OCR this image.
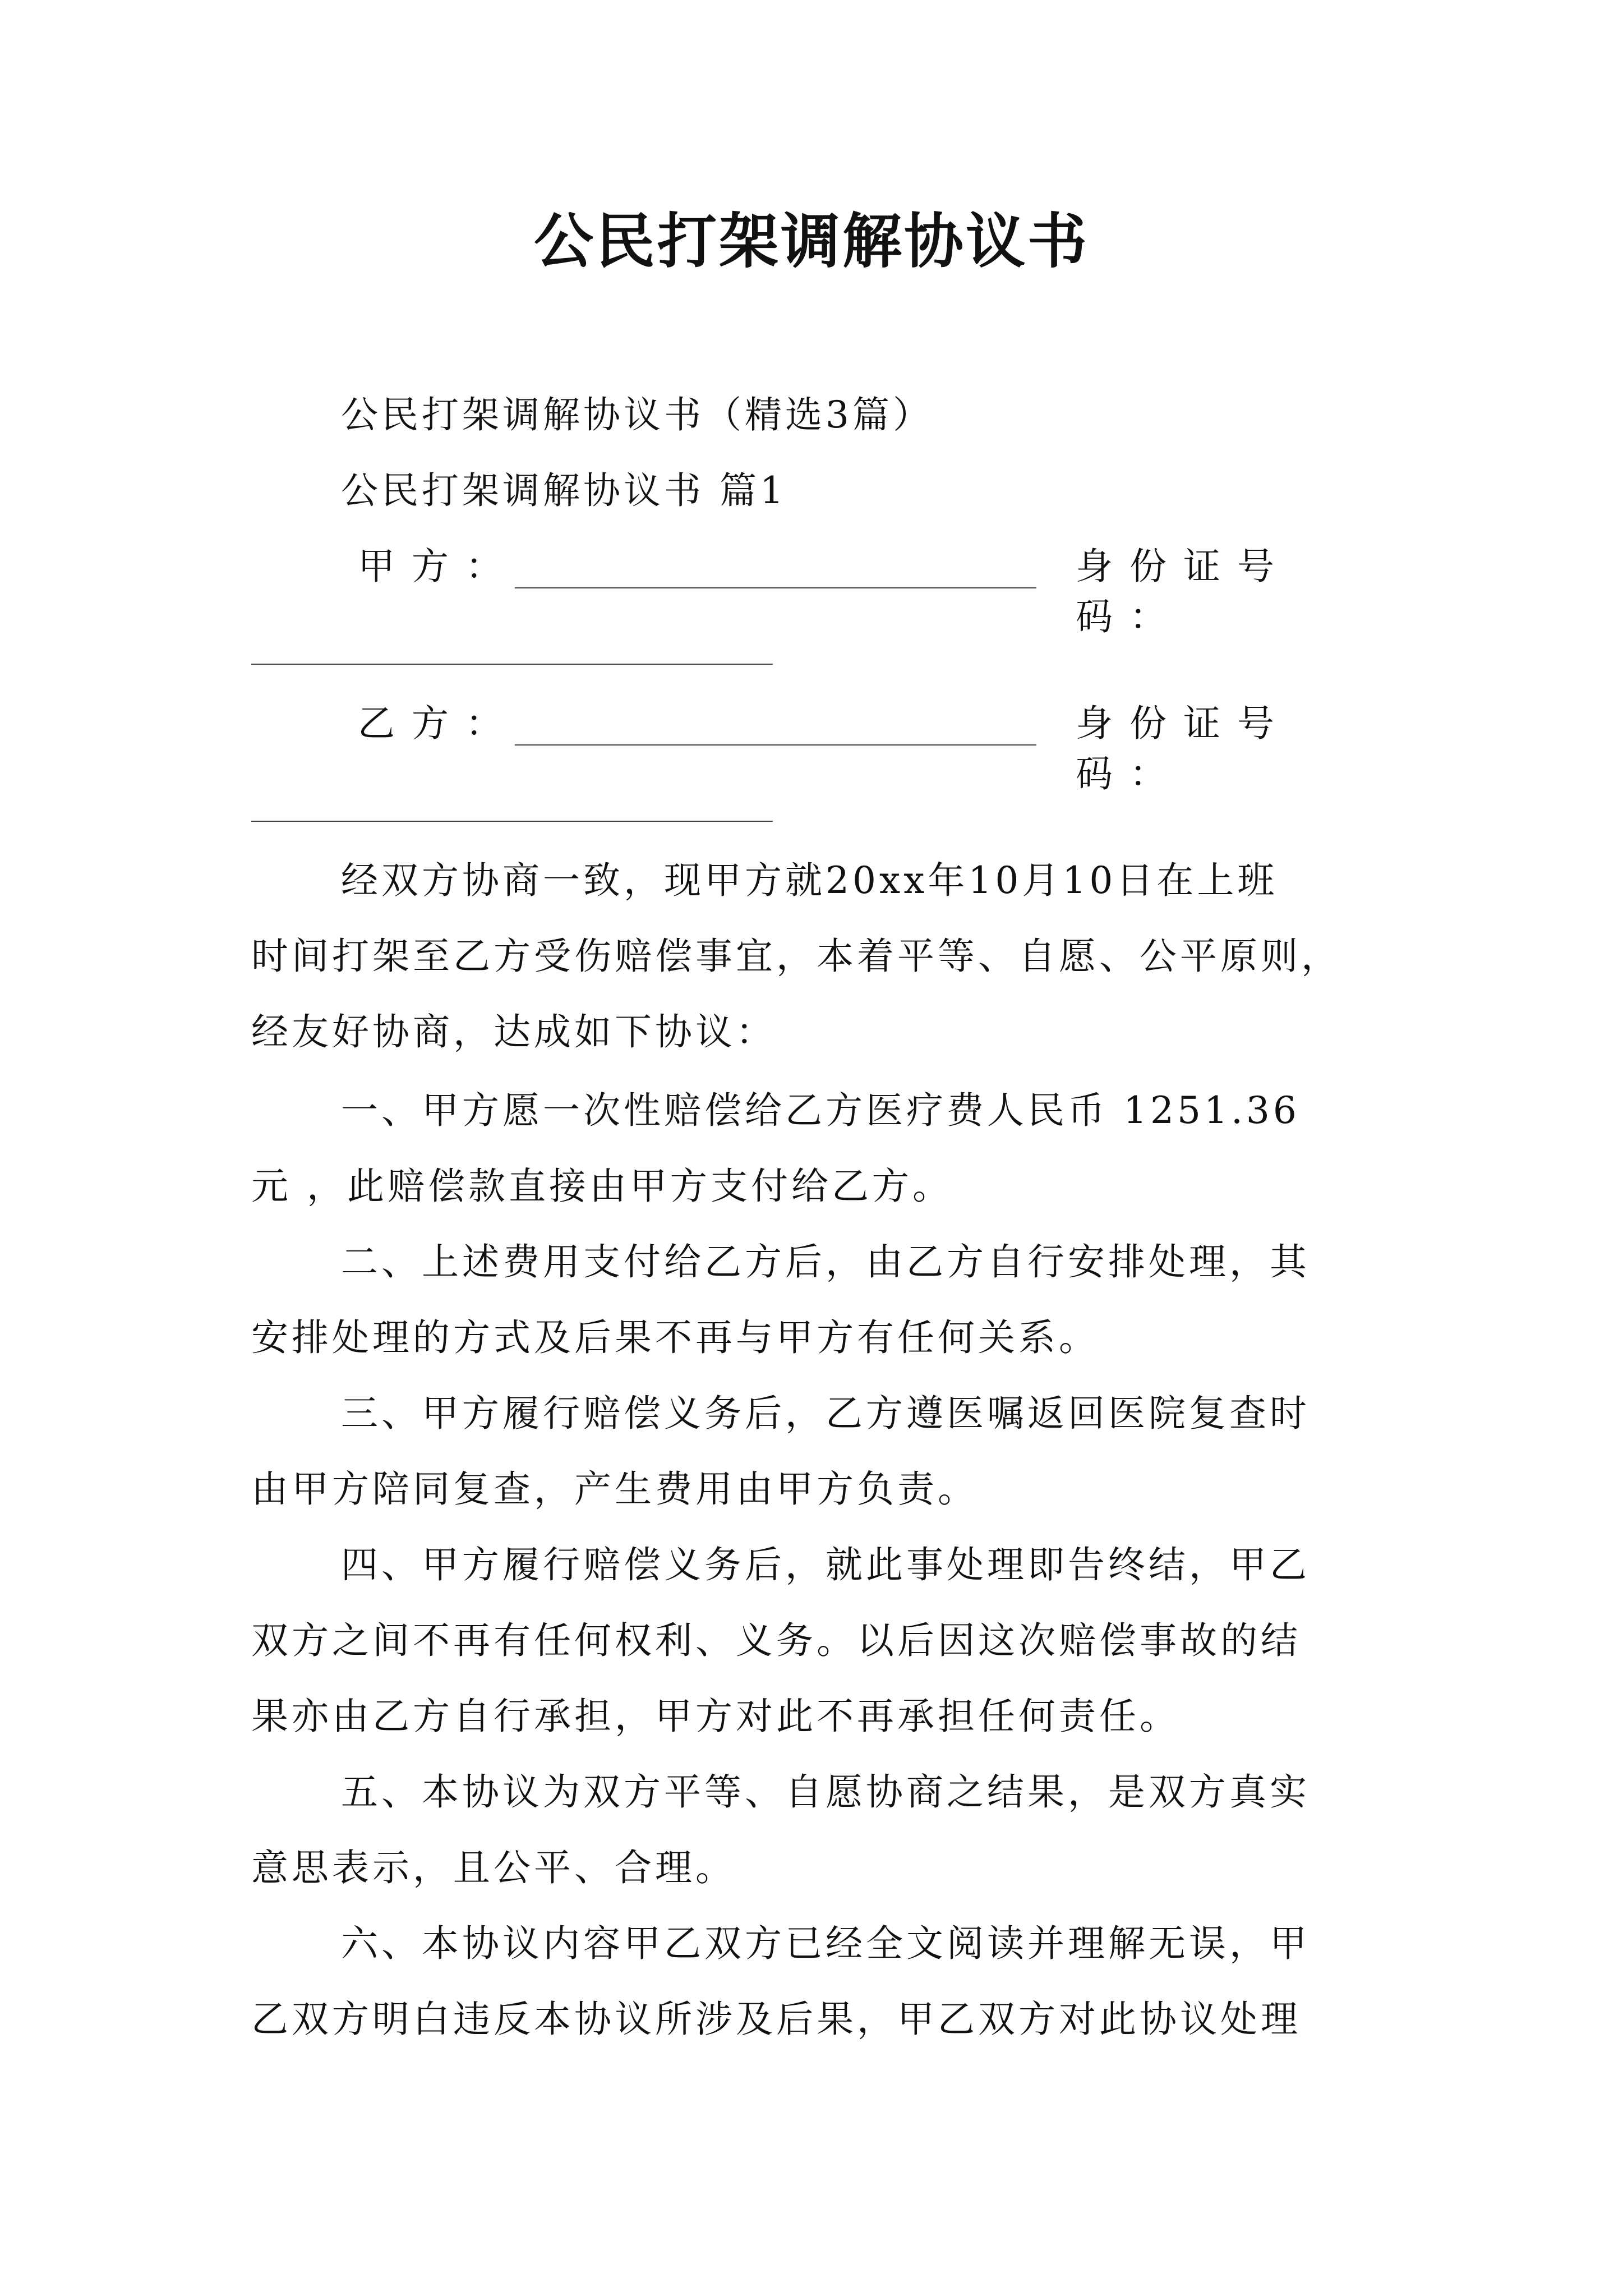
公民打架调解协议书
公民打架调解协议书（精选3篇）
公民打架调解协议书 篇1
甲方：	身份证号码：
乙方：	身份证号码：
经双方协商一致，现甲方就20xx年10月10日在上班
时间打架至乙方受伤赔偿事宜，本着平等、自愿、公平原则，
经友好协商，达成如下协议：
一、甲方愿一次性赔偿给乙方医疗费人民币 1251.36
元 ，此赔偿款直接由甲方支付给乙方。
二、上述费用支付给乙方后，由乙方自行安排处理，其
安排处理的方式及后果不再与甲方有任何关系。
三、甲方履行赔偿义务后，乙方遵医嘱返回医院复查时
由甲方陪同复查，产生费用由甲方负责。
四、甲方履行赔偿义务后，就此事处理即告终结，甲乙
双方之间不再有任何权利、义务。以后因这次赔偿事故的结
果亦由乙方自行承担，甲方对此不再承担任何责任。
五、本协议为双方平等、自愿协商之结果，是双方真实
意思表示，且公平、合理。
六、本协议内容甲乙双方已经全文阅读并理解无误，甲
乙双方明白违反本协议所涉及后果，甲乙双方对此协议处理
